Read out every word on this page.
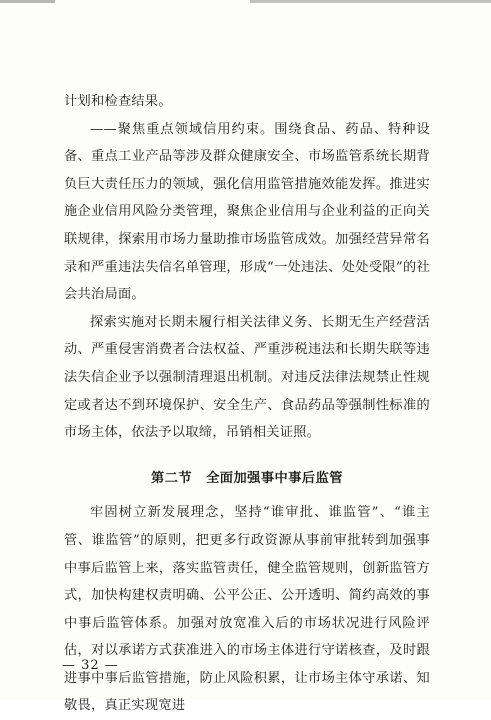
计划和检查结果。

——聚焦重点领域信用约束。围绕食品、药品、特种设备、重点工业产品等涉及群众健康安全、市场监管系统长期背负巨大责任压力的领域，强化信用监管措施效能发挥。推进实施企业信用风险分类管理，聚焦企业信用与企业利益的正向关联规律，探索用市场力量助推市场监管成效。加强经营异常名录和严重违法失信名单管理，形成“一处违法、处处受限”的社会共治局面。

探索实施对长期未履行相关法律义务、长期无生产经营活动、严重侵害消费者合法权益、严重涉税违法和长期失联等违法失信企业予以强制清理退出机制。对违反法律法规禁止性规定或者达不到环境保护、安全生产、食品药品等强制性标准的市场主体，依法予以取缔，吊销相关证照。

第二节 全面加强事中事后监管

牢固树立新发展理念，坚持“谁审批、谁监管”、“谁主管、谁监管”的原则，把更多行政资源从事前审批转到加强事中事后监管上来，落实监管责任，健全监管规则，创新监管方式，加快构建权责明确、公平公正、公开透明、简约高效的事中事后监管体系。加强对放宽准入后的市场状况进行风险评估，对以承诺方式获准进入的市场主体进行守诺核查，及时跟进事中事后监管措施，防止风险积累，让市场主体守承诺、知敬畏，真正实现宽进

— 32 —
